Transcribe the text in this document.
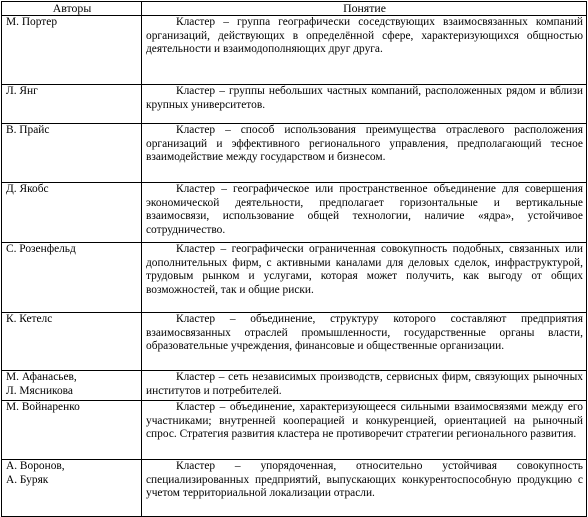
Авторы	Понятие

М. Портер	Кластер – группа географически соседствующих взаимосвязанных компаний организаций, действующих в определённой сфере, характеризующихся общностью деятельности и взаимодополняющих друг друга.

Л. Янг	Кластер – группы небольших частных компаний, расположенных рядом и вблизи крупных университетов.

В. Прайс	Кластер – способ использования преимущества отраслевого расположения организаций и эффективного регионального управления, предполагающий тесное взаимодействие между государством и бизнесом.

Д. Якобс	Кластер – географическое или пространственное объединение для совершения экономической деятельности, предполагает горизонтальные и вертикальные взаимосвязи, использование общей технологии, наличие «ядра», устойчивое сотрудничество.

С. Розенфельд	Кластер – географически ограниченная совокупность подобных, связанных или дополнительных фирм, с активными каналами для деловых сделок, инфраструктурой, трудовым рынком и услугами, которая может получить, как выгоду от общих возможностей, так и общие риски.

К. Кетелс	Кластер – объединение, структуру которого составляют предприятия взаимосвязанных отраслей промышленности, государственные органы власти, образовательные учреждения, финансовые и общественные организации.

М. Афанасьев,
Л. Мясникова	Кластер – сеть независимых производств, сервисных фирм, связующих рыночных институтов и потребителей.

М. Войнаренко	Кластер – объединение, характеризующееся сильными взаимосвязями между его участниками; внутренней кооперацией и конкуренцией, ориентацией на рыночный спрос. Стратегия развития кластера не противоречит стратегии регионального развития.

А. Воронов,
А. Буряк	Кластер – упорядоченная, относительно устойчивая совокупность специализированных предприятий, выпускающих конкурентоспособную продукцию с учетом территориальной локализации отрасли.
